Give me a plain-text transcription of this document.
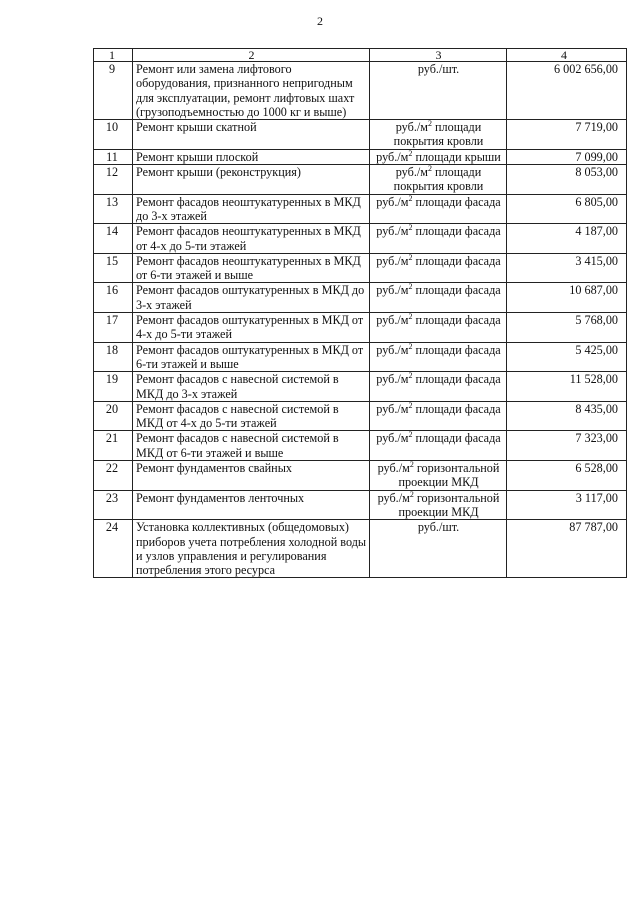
2
1	2	3	4
9	Ремонт или замена лифтового оборудования, признанного непригодным для эксплуатации, ремонт лифтовых шахт (грузоподъемностью до 1000 кг и выше)	руб./шт.	6 002 656,00
10	Ремонт крыши скатной	$руб./м^2$ площади покрытия кровли	7 719,00
11	Ремонт крыши плоской	$руб./м^2$ площади крыши	7 099,00
12	Ремонт крыши (реконструкция)	$руб./м^2$ площади покрытия кровли	8 053,00
13	Ремонт фасадов неоштукатуренных в МКД до 3-х этажей	$руб./м^2$ площади фасада	6 805,00
14	Ремонт фасадов неоштукатуренных в МКД от 4-х до 5-ти этажей	$руб./м^2$ площади фасада	4 187,00
15	Ремонт фасадов неоштукатуренных в МКД от 6-ти этажей и выше	$руб./м^2$ площади фасада	3 415,00
16	Ремонт фасадов оштукатуренных в МКД до 3-х этажей	$руб./м^2$ площади фасада	10 687,00
17	Ремонт фасадов оштукатуренных в МКД от 4-х до 5-ти этажей	$руб./м^2$ площади фасада	5 768,00
18	Ремонт фасадов оштукатуренных в МКД от 6-ти этажей и выше	$руб./м^2$ площади фасада	5 425,00
19	Ремонт фасадов с навесной системой в МКД до 3-х этажей	$руб./м^2$ площади фасада	11 528,00
20	Ремонт фасадов с навесной системой в МКД от 4-х до 5-ти этажей	$руб./м^2$ площади фасада	8 435,00
21	Ремонт фасадов с навесной системой в МКД от 6-ти этажей и выше	$руб./м^2$ площади фасада	7 323,00
22	Ремонт фундаментов свайных	$руб./м^2$ горизонтальной проекции МКД	6 528,00
23	Ремонт фундаментов ленточных	$руб./м^2$ горизонтальной проекции МКД	3 117,00
24	Установка коллективных (общедомовых) приборов учета потребления холодной воды и узлов управления и регулирования потребления этого ресурса	руб./шт.	87 787,00
